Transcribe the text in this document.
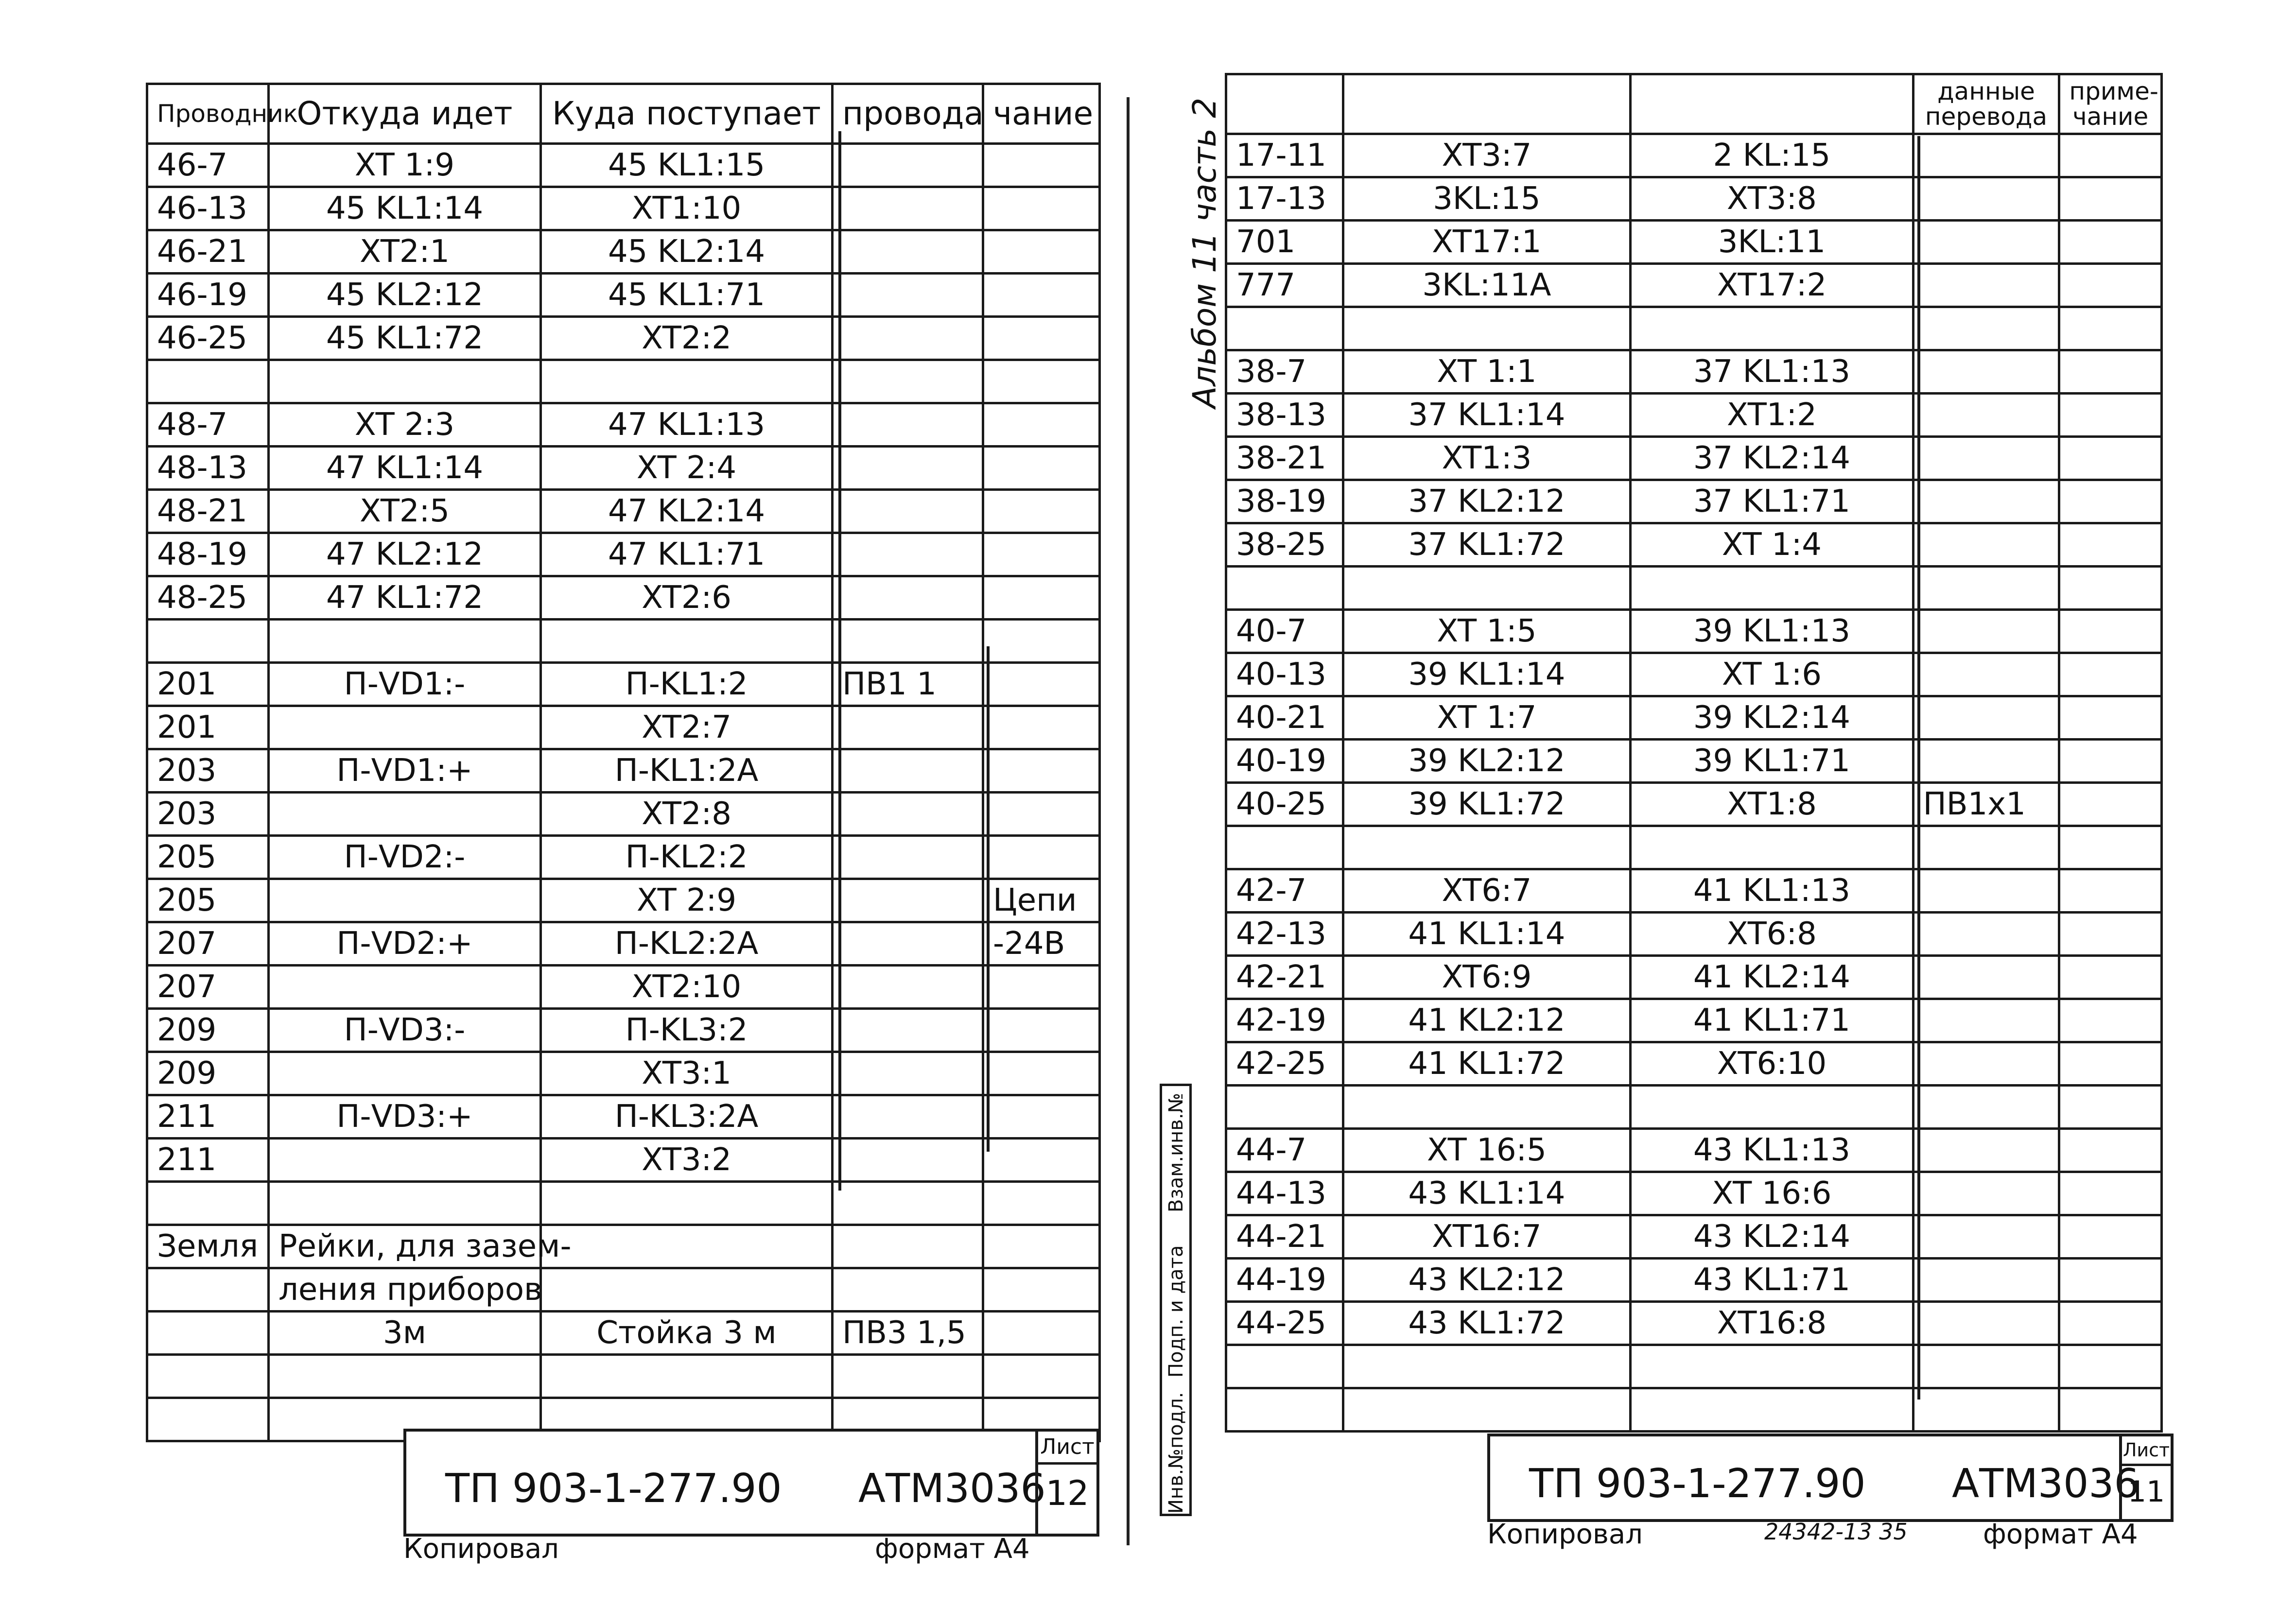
Проводник	Откуда идет	Куда поступает	провода	чание
46-7	XT 1:9	45 KL1:15		
46-13	45 KL1:14	XT1:10		
46-21	XT2:1	45 KL2:14		
46-19	45 KL2:12	45 KL1:71		
46-25	45 KL1:72	XT2:2		

48-7	XT 2:3	47 KL1:13		
48-13	47 KL1:14	XT 2:4		
48-21	XT2:5	47 KL2:14		
48-19	47 KL2:12	47 KL1:71		
48-25	47 KL1:72	XT2:6		

201	П-VD1:-	П-KL1:2	ПВ1 1	
201		XT2:7		
203	П-VD1:+	П-KL1:2A		
203		XT2:8		
205	П-VD2:-	П-KL2:2		
205		XT 2:9		Цепи
207	П-VD2:+	П-KL2:2A		-24В
207		XT2:10		
209	П-VD3:-	П-KL3:2		
209		XT3:1		
211	П-VD3:+	П-KL3:2A		
211		XT3:2		

Земля	Рейки, для зазем-			
	ления приборов			
	3м	Стойка 3 м	ПВ3 1,5	

ТП 903-1-277.90 АТМ3036
Лист
12
Копировал	формат А4
			данные перевода	приме- чание
17-11	XT3:7	2 KL:15		
17-13	3KL:15	XT3:8		
701	XT17:1	3KL:11		
777	3KL:11A	XT17:2		

38-7	XT 1:1	37 KL1:13		
38-13	37 KL1:14	XT1:2		
38-21	XT1:3	37 KL2:14		
38-19	37 KL2:12	37 KL1:71		
38-25	37 KL1:72	XT 1:4		

40-7	XT 1:5	39 KL1:13		
40-13	39 KL1:14	XT 1:6		
40-21	XT 1:7	39 KL2:14		
40-19	39 KL2:12	39 KL1:71		
40-25	39 KL1:72	XT1:8	ПВ1х1	

42-7	XT6:7	41 KL1:13		
42-13	41 KL1:14	XT6:8		
42-21	XT6:9	41 KL2:14		
42-19	41 KL2:12	41 KL1:71		
42-25	41 KL1:72	XT6:10		

44-7	XT 16:5	43 KL1:13		
44-13	43 KL1:14	XT 16:6		
44-21	XT16:7	43 KL2:14		
44-19	43 KL2:12	43 KL1:71		
44-25	43 KL1:72	XT16:8		

ТП 903-1-277.90 АТМ3036
Лист
11
Копировал	24342-13 35	формат А4
Альбом 11 часть 2
Инв.№подл.
Подп. и дата
Взам.инв.№
